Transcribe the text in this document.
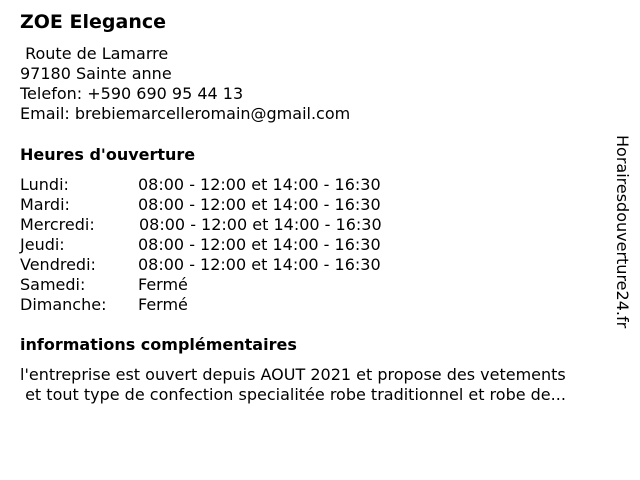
ZOE Elegance
Route de Lamarre
97180 Sainte anne
Telefon: +590 690 95 44 13
Email: brebiemarcelleromain@gmail.com
Heures d'ouverture
Lundi:	08:00 - 12:00 et 14:00 - 16:30
Mardi:	08:00 - 12:00 et 14:00 - 16:30
Mercredi:	08:00 - 12:00 et 14:00 - 16:30
Jeudi:	08:00 - 12:00 et 14:00 - 16:30
Vendredi:	08:00 - 12:00 et 14:00 - 16:30
Samedi:	Fermé
Dimanche: Fermé
informations complémentaires
l'entreprise est ouvert depuis AOUT 2021 et propose des vetements
et tout type de confection specialitée robe traditionnel et robe de...
Horairesdouverture24.fr
